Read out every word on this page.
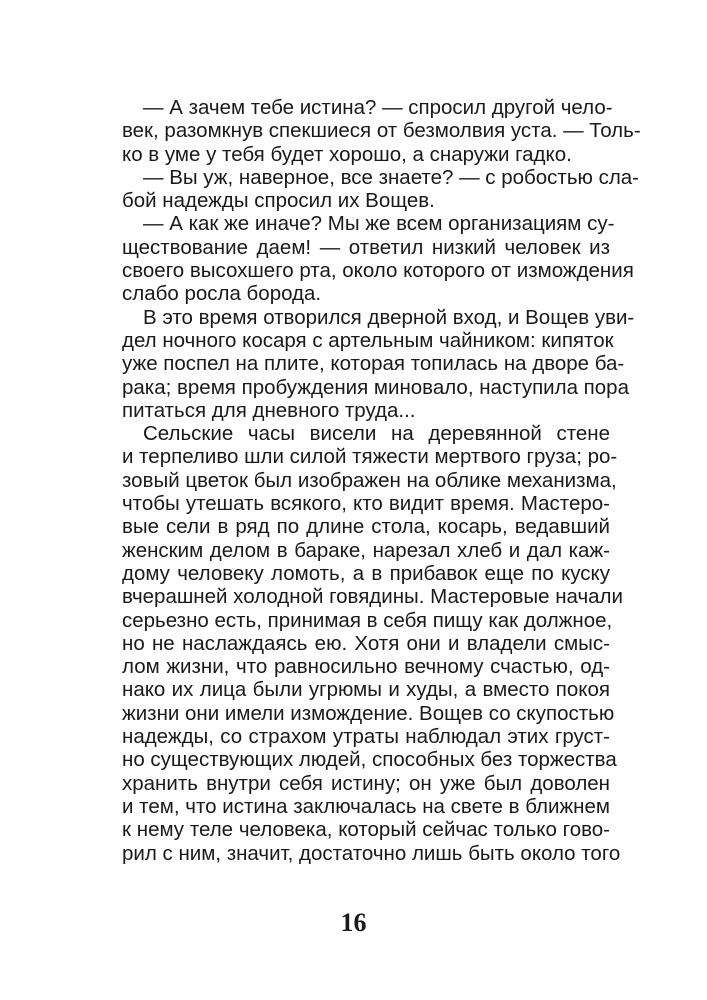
— А зачем тебе истина? — спросил другой чело-
век, разомкнув спекшиеся от безмолвия уста. — Толь-
ко в уме у тебя будет хорошо, а снаружи гадко.
— Вы уж, наверное, все знаете? — с робостью сла-
бой надежды спросил их Вощев.
— А как же иначе? Мы же всем организациям су-
ществование даем! — ответил низкий человек из
своего высохшего рта, около которого от измождения
слабо росла борода.
В это время отворился дверной вход, и Вощев уви-
дел ночного косаря с артельным чайником: кипяток
уже поспел на плите, которая топилась на дворе ба-
рака; время пробуждения миновало, наступила пора
питаться для дневного труда...
Сельские часы висели на деревянной стене
и терпеливо шли силой тяжести мертвого груза; ро-
зовый цветок был изображен на облике механизма,
чтобы утешать всякого, кто видит время. Мастеро-
вые сели в ряд по длине стола, косарь, ведавший
женским делом в бараке, нарезал хлеб и дал каж-
дому человеку ломоть, а в прибавок еще по куску
вчерашней холодной говядины. Мастеровые начали
серьезно есть, принимая в себя пищу как должное,
но не наслаждаясь ею. Хотя они и владели смыс-
лом жизни, что равносильно вечному счастью, од-
нако их лица были угрюмы и худы, а вместо покоя
жизни они имели измождение. Вощев со скупостью
надежды, со страхом утраты наблюдал этих груст-
но существующих людей, способных без торжества
хранить внутри себя истину; он уже был доволен
и тем, что истина заключалась на свете в ближнем
к нему теле человека, который сейчас только гово-
рил с ним, значит, достаточно лишь быть около того
16
